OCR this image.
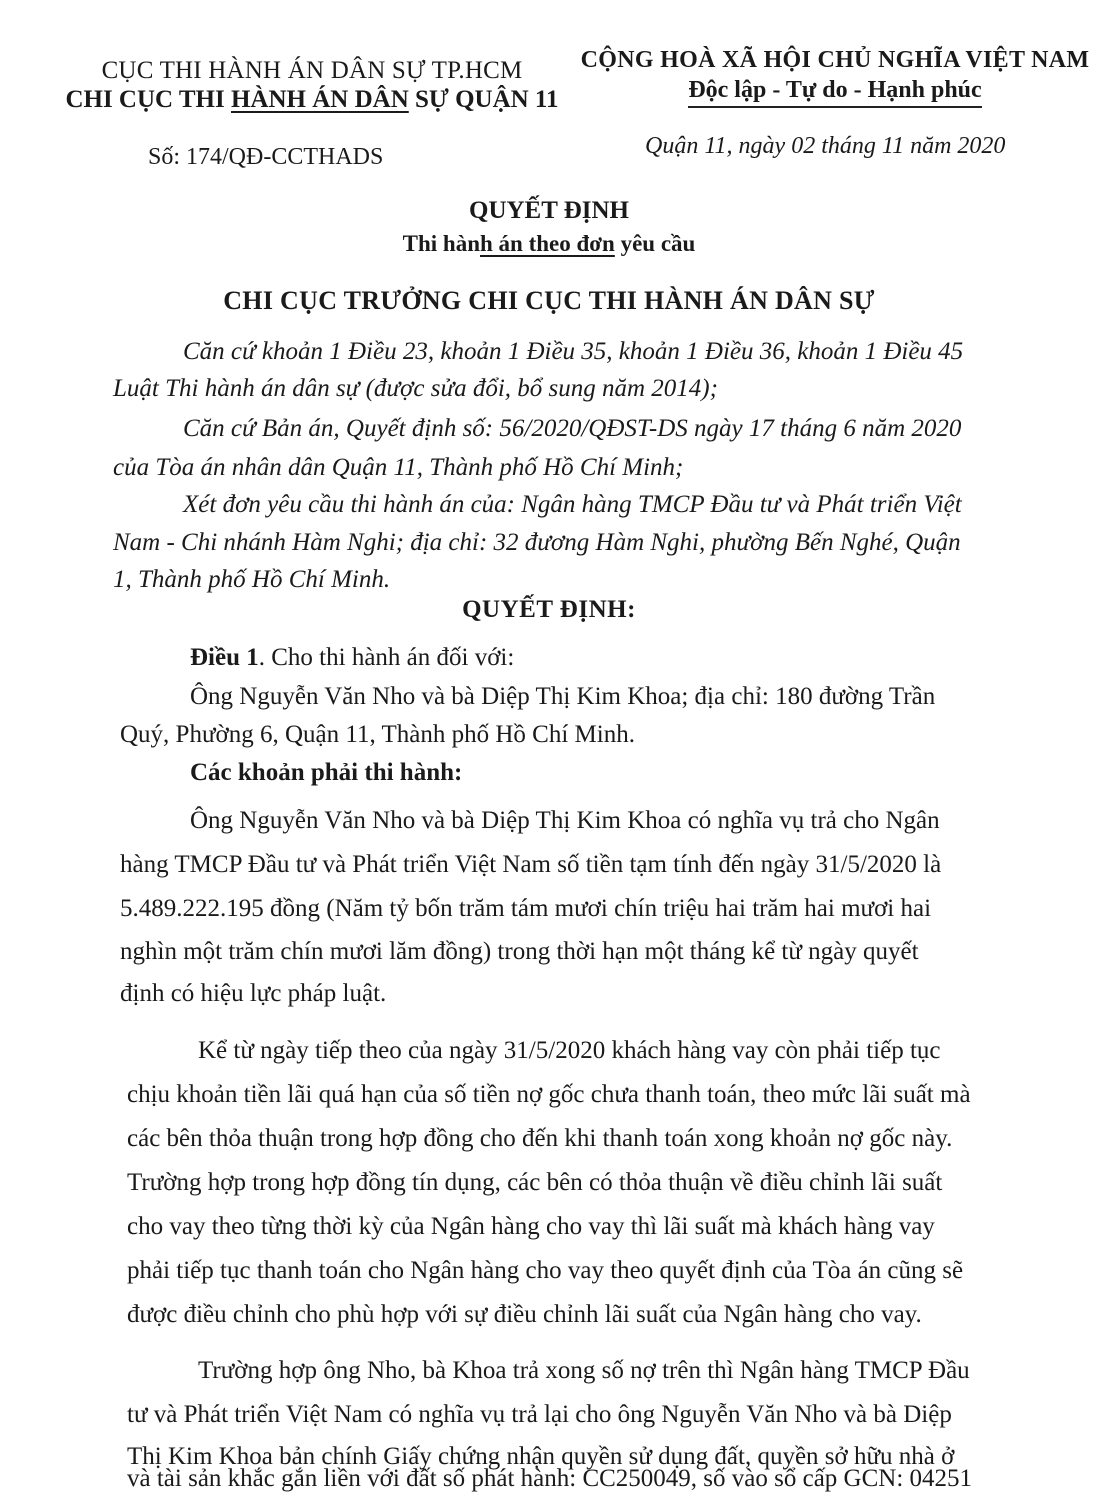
CỤC THI HÀNH ÁN DÂN SỰ TP.HCM
CHI CỤC THI HÀNH ÁN DÂN SỰ QUẬN 11
CỘNG HOÀ XÃ HỘI CHỦ NGHĨA VIỆT NAM
Độc lập - Tự do - Hạnh phúc
Số: 174/QĐ-CCTHADS	Quận 11, ngày 02 tháng 11 năm 2020
QUYẾT ĐỊNH
Thi hành án theo đơn yêu cầu
CHI CỤC TRƯỞNG CHI CỤC THI HÀNH ÁN DÂN SỰ
Căn cứ khoản 1 Điều 23, khoản 1 Điều 35, khoản 1 Điều 36, khoản 1 Điều 45
Luật Thi hành án dân sự (được sửa đổi, bổ sung năm 2014);
Căn cứ Bản án, Quyết định số: 56/2020/QĐST-DS ngày 17 tháng 6 năm 2020
của Tòa án nhân dân Quận 11, Thành phố Hồ Chí Minh;
Xét đơn yêu cầu thi hành án của: Ngân hàng TMCP Đầu tư và Phát triển Việt
Nam - Chi nhánh Hàm Nghi; địa chỉ: 32 đương Hàm Nghi, phường Bến Nghé, Quận
1, Thành phố Hồ Chí Minh.
QUYẾT ĐỊNH:
Điều 1. Cho thi hành án đối với:
Ông Nguyễn Văn Nho và bà Diệp Thị Kim Khoa; địa chỉ: 180 đường Trần
Quý, Phường 6, Quận 11, Thành phố Hồ Chí Minh.
Các khoản phải thi hành:
Ông Nguyễn Văn Nho và bà Diệp Thị Kim Khoa có nghĩa vụ trả cho Ngân
hàng TMCP Đầu tư và Phát triển Việt Nam số tiền tạm tính đến ngày 31/5/2020 là
5.489.222.195 đồng (Năm tỷ bốn trăm tám mươi chín triệu hai trăm hai mươi hai
nghìn một trăm chín mươi lăm đồng) trong thời hạn một tháng kể từ ngày quyết
định có hiệu lực pháp luật.
Kể từ ngày tiếp theo của ngày 31/5/2020 khách hàng vay còn phải tiếp tục
chịu khoản tiền lãi quá hạn của số tiền nợ gốc chưa thanh toán, theo mức lãi suất mà
các bên thỏa thuận trong hợp đồng cho đến khi thanh toán xong khoản nợ gốc này.
Trường hợp trong hợp đồng tín dụng, các bên có thỏa thuận về điều chỉnh lãi suất
cho vay theo từng thời kỳ của Ngân hàng cho vay thì lãi suất mà khách hàng vay
phải tiếp tục thanh toán cho Ngân hàng cho vay theo quyết định của Tòa án cũng sẽ
được điều chỉnh cho phù hợp với sự điều chỉnh lãi suất của Ngân hàng cho vay.
Trường hợp ông Nho, bà Khoa trả xong số nợ trên thì Ngân hàng TMCP Đầu
tư và Phát triển Việt Nam có nghĩa vụ trả lại cho ông Nguyễn Văn Nho và bà Diệp
Thị Kim Khoa bản chính Giấy chứng nhận quyền sử dụng đất, quyền sở hữu nhà ở
và tài sản khắc gắn liền với đất số phát hành: CC250049, số vào sổ cấp GCN: 04251
